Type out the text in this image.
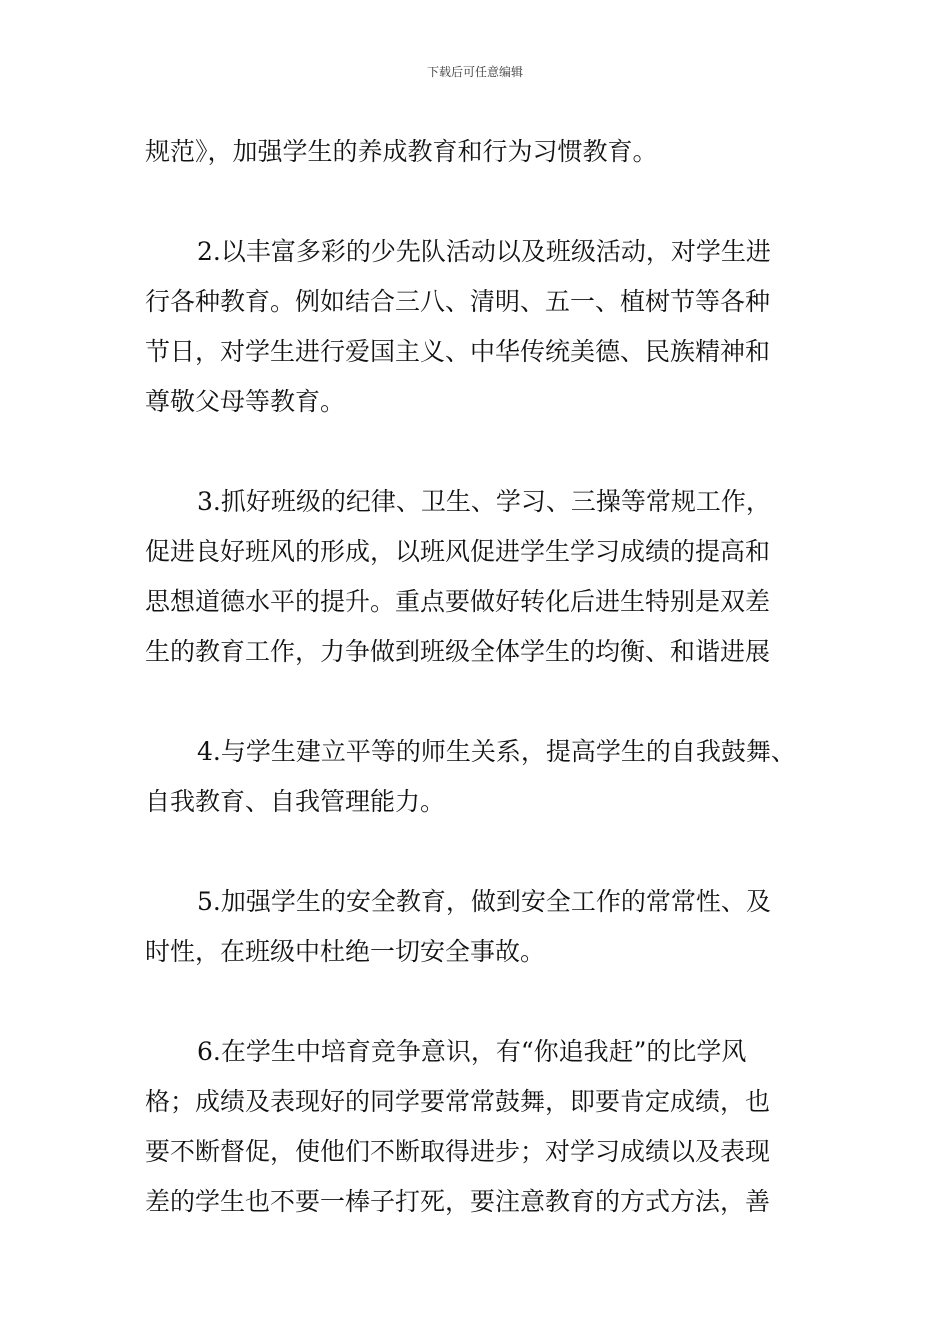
下载后可任意编辑
规范》，加强学生的养成教育和行为习惯教育。
2.以丰富多彩的少先队活动以及班级活动，对学生进
行各种教育。例如结合三八、清明、五一、植树节等各种
节日，对学生进行爱国主义、中华传统美德、民族精神和
尊敬父母等教育。
3.抓好班级的纪律、卫生、学习、三操等常规工作，
促进良好班风的形成，以班风促进学生学习成绩的提高和
思想道德水平的提升。重点要做好转化后进生特别是双差
生的教育工作，力争做到班级全体学生的均衡、和谐进展
4.与学生建立平等的师生关系，提高学生的自我鼓舞、
自我教育、自我管理能力。
5.加强学生的安全教育，做到安全工作的常常性、及
时性，在班级中杜绝一切安全事故。
6.在学生中培育竞争意识，有“你追我赶”的比学风
格；成绩及表现好的同学要常常鼓舞，即要肯定成绩，也
要不断督促，使他们不断取得进步；对学习成绩以及表现
差的学生也不要一棒子打死，要注意教育的方式方法，善
